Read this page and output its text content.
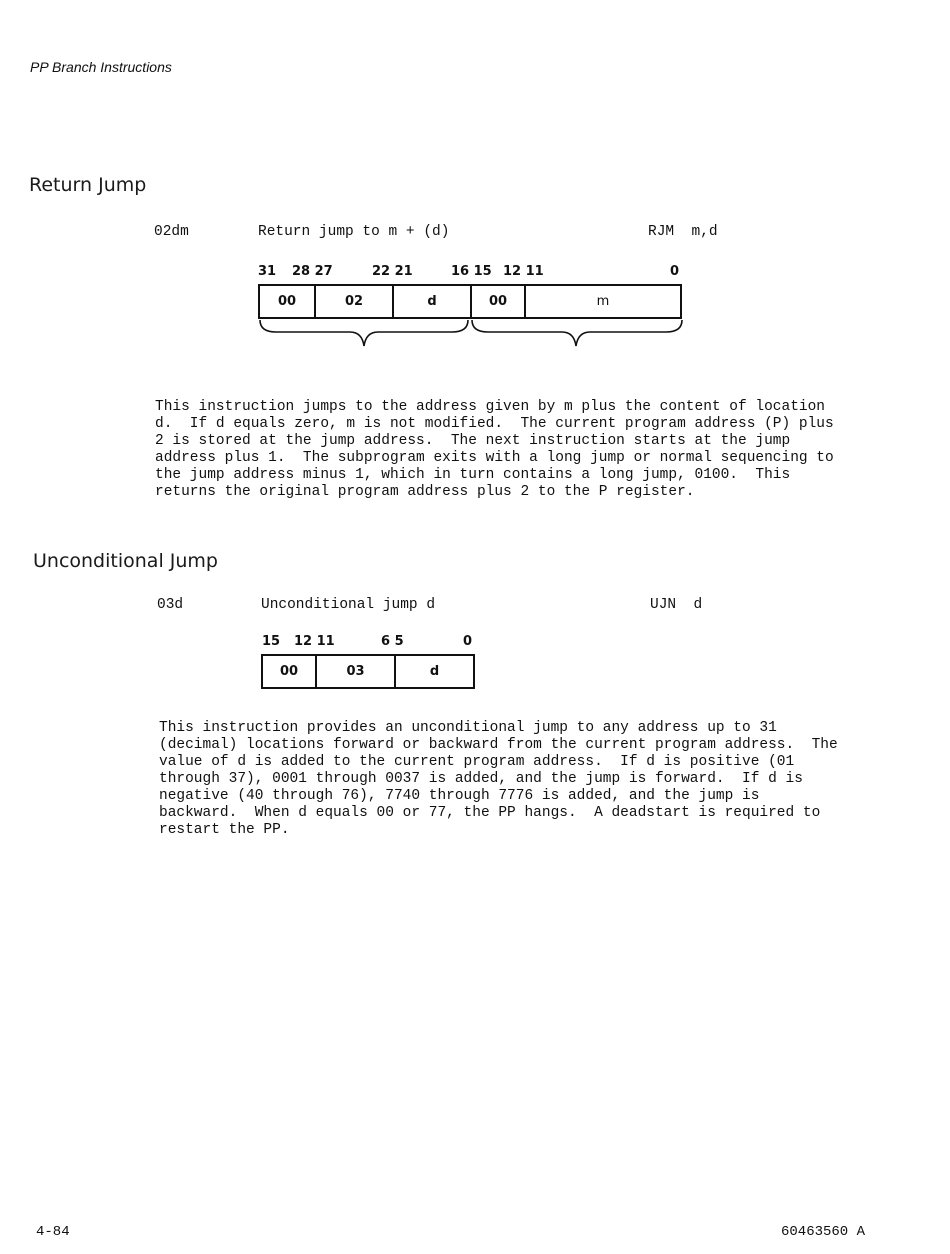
PP Branch Instructions
Return Jump
02dm	Return jump to m + (d)	RJM  m,d
31 28 27	22 21	16 15 12 11	0
00	02	d	00	m

This instruction jumps to the address given by m plus the content of location

d.  If d equals zero, m is not modified.  The current program address (P) plus

2 is stored at the jump address.  The next instruction starts at the jump

address plus 1.  The subprogram exits with a long jump or normal sequencing to

the jump address minus 1, which in turn contains a long jump, 0100.  This

returns the original program address plus 2 to the P register.

Unconditional Jump
03d	Unconditional jump d	UJN  d
15 12 11	6 5	0
00	03	d

This instruction provides an unconditional jump to any address up to 31

(decimal) locations forward or backward from the current program address.  The

value of d is added to the current program address.  If d is positive (01

through 37), 0001 through 0037 is added, and the jump is forward.  If d is

negative (40 through 76), 7740 through 7776 is added, and the jump is

backward.  When d equals 00 or 77, the PP hangs.  A deadstart is required to

restart the PP.

4-84	60463560 A
